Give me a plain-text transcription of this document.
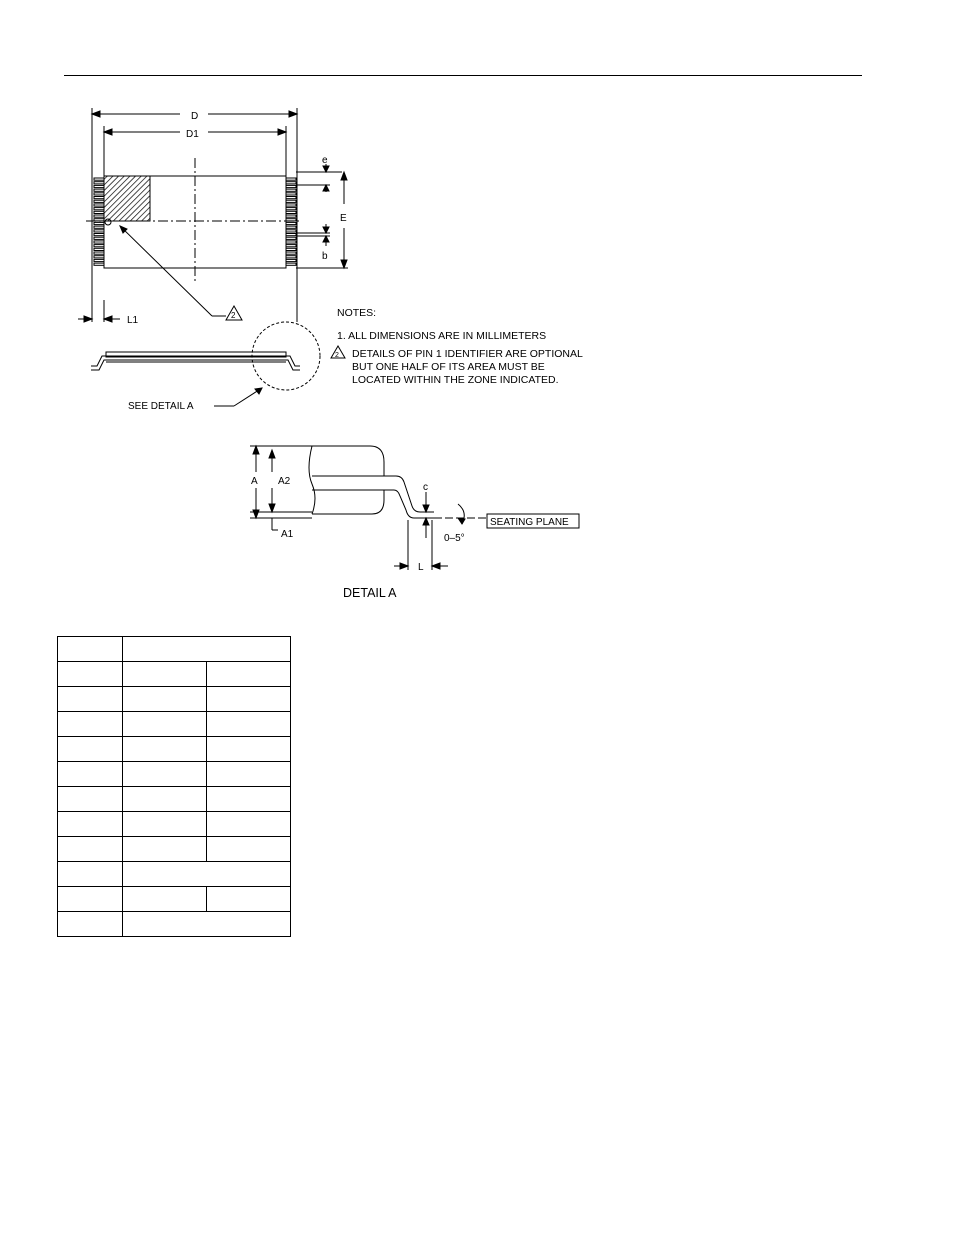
D
D1
e
E
b
L1	2
SEE DETAIL A
NOTES:
1. ALL DIMENSIONS ARE IN MILLIMETERS
2 DETAILS OF PIN 1 IDENTIFIER ARE OPTIONAL
BUT ONE HALF OF ITS AREA MUST BE
LOCATED WITHIN THE ZONE INDICATED.
A A2
A1
c
0–5°
SEATING PLANE
L
DETAIL A
